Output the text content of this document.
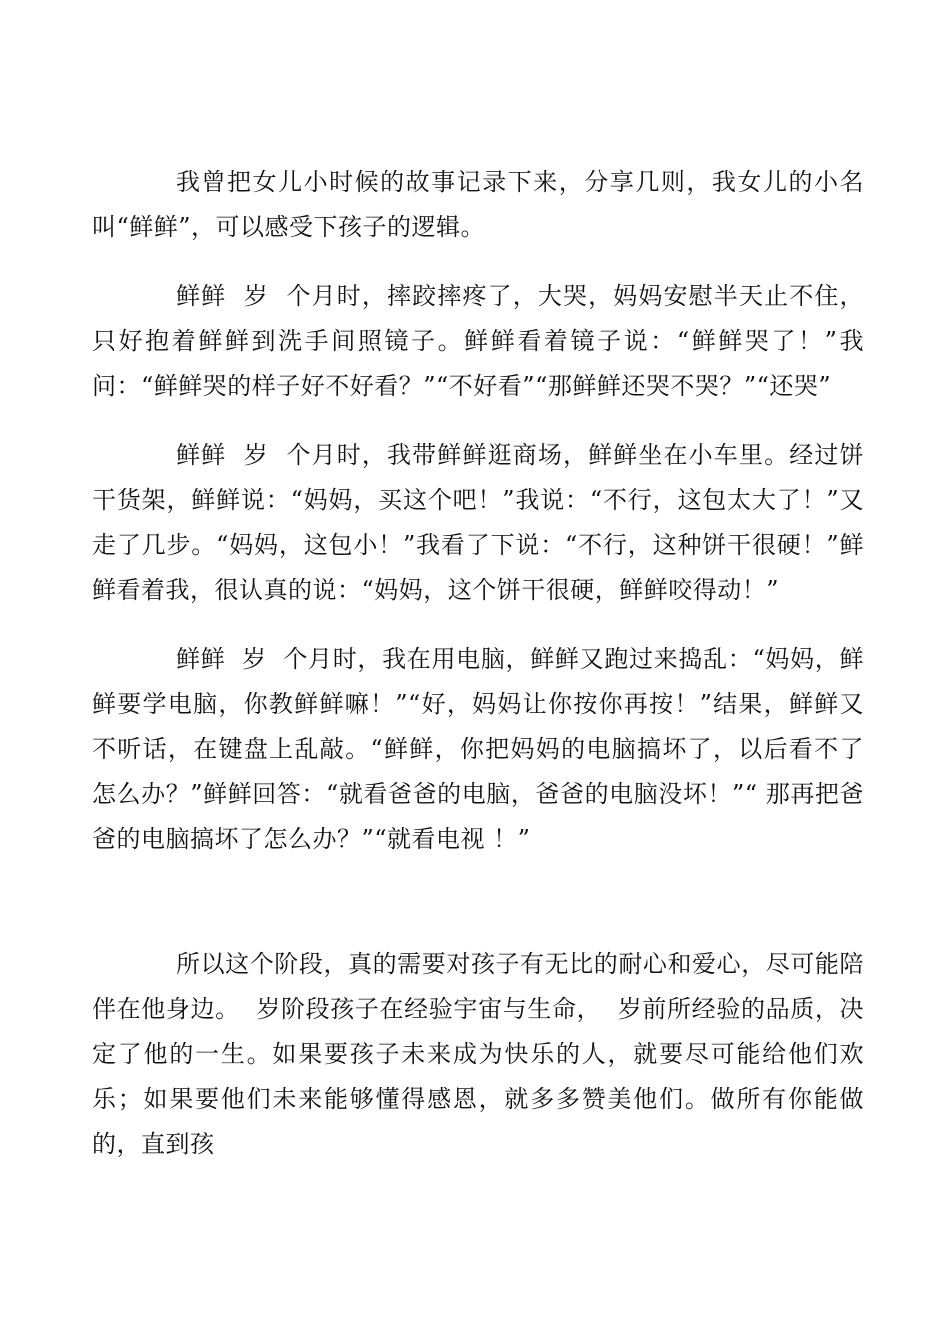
我曾把女儿小时候的故事记录下来，分享几则，我女儿的小名叫“鲜鲜”，可以感受下孩子的逻辑。

鲜鲜  岁  个月时，摔跤摔疼了，大哭，妈妈安慰半天止不住，只好抱着鲜鲜到洗手间照镜子。鲜鲜看着镜子说：“鲜鲜哭了！”我问：“鲜鲜哭的样子好不好看？”“不好看”“那鲜鲜还哭不哭？”“还哭”

鲜鲜  岁  个月时，我带鲜鲜逛商场，鲜鲜坐在小车里。经过饼干货架，鲜鲜说：“妈妈，买这个吧！”我说：“不行，这包太大了！”又走了几步。“妈妈，这包小！”我看了下说：“不行，这种饼干很硬！”鲜鲜看着我，很认真的说：“妈妈，这个饼干很硬，鲜鲜咬得动！”

鲜鲜  岁  个月时，我在用电脑，鲜鲜又跑过来捣乱：“妈妈，鲜鲜要学电脑，你教鲜鲜嘛！”“好，妈妈让你按你再按！”结果，鲜鲜又不听话，在键盘上乱敲。“鲜鲜，你把妈妈的电脑搞坏了，以后看不了怎么办？”鲜鲜回答：“就看爸爸的电脑，爸爸的电脑没坏！”“ 那再把爸爸的电脑搞坏了怎么办？”“就看电视 ！”

所以这个阶段，真的需要对孩子有无比的耐心和爱心，尽可能陪伴在他身边。  岁阶段孩子在经验宇宙与生命，  岁前所经验的品质，决定了他的一生。如果要孩子未来成为快乐的人，就要尽可能给他们欢乐；如果要他们未来能够懂得感恩，就多多赞美他们。做所有你能做的，直到孩
